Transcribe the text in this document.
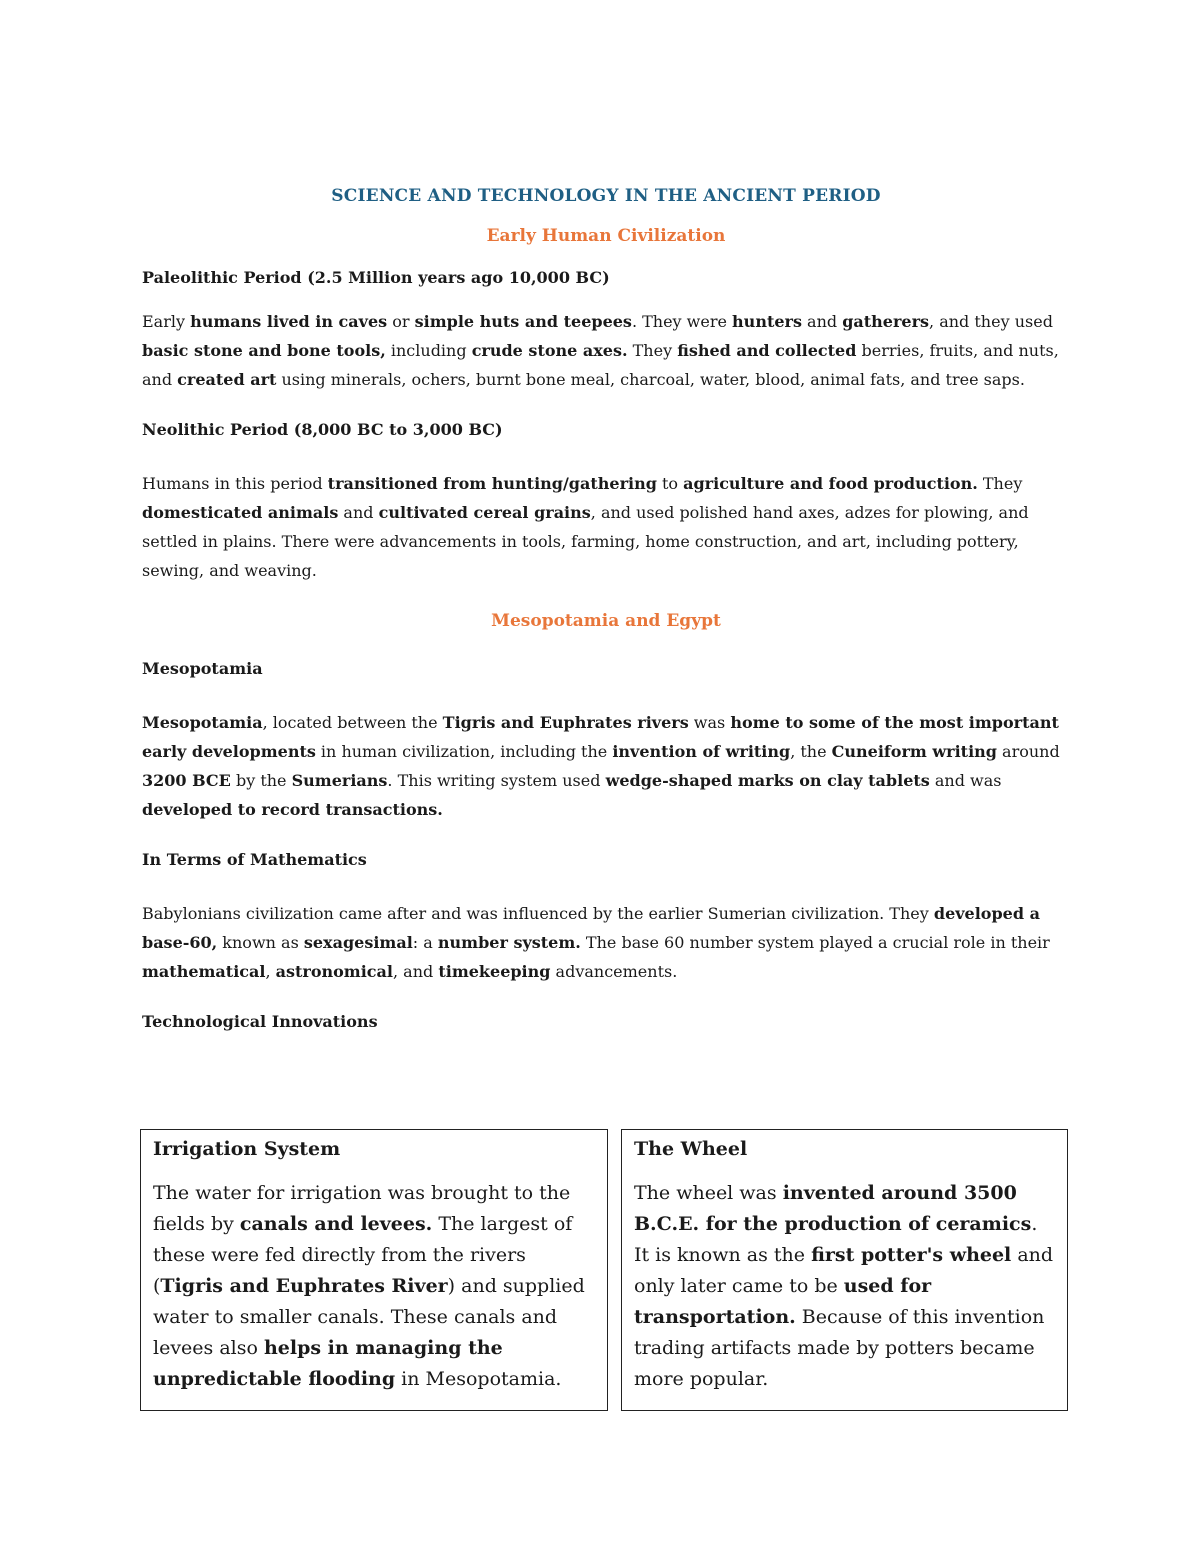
SCIENCE AND TECHNOLOGY IN THE ANCIENT PERIOD
Early Human Civilization
Paleolithic Period (2.5 Million years ago 10,000 BC)

Early humans lived in caves or simple huts and teepees. They were hunters and gatherers, and they used basic stone and bone tools, including crude stone axes. They fished and collected berries, fruits, and nuts, and created art using minerals, ochers, burnt bone meal, charcoal, water, blood, animal fats, and tree saps.

Neolithic Period (8,000 BC to 3,000 BC)

Humans in this period transitioned from hunting/gathering to agriculture and food production. They domesticated animals and cultivated cereal grains, and used polished hand axes, adzes for plowing, and settled in plains. There were advancements in tools, farming, home construction, and art, including pottery, sewing, and weaving.

Mesopotamia and Egypt
Mesopotamia

Mesopotamia, located between the Tigris and Euphrates rivers was home to some of the most important early developments in human civilization, including the invention of writing, the Cuneiform writing around 3200 BCE by the Sumerians. This writing system used wedge-shaped marks on clay tablets and was developed to record transactions.

In Terms of Mathematics

Babylonians civilization came after and was influenced by the earlier Sumerian civilization. They developed a base-60, known as sexagesimal: a number system. The base 60 number system played a crucial role in their mathematical, astronomical, and timekeeping advancements.

Technological Innovations
Irrigation System

The water for irrigation was brought to the fields by canals and levees. The largest of these were fed directly from the rivers (Tigris and Euphrates River) and supplied water to smaller canals. These canals and levees also helps in managing the unpredictable flooding in Mesopotamia.

The Wheel

The wheel was invented around 3500 B.C.E. for the production of ceramics. It is known as the first potter's wheel and only later came to be used for transportation. Because of this invention trading artifacts made by potters became more popular.
